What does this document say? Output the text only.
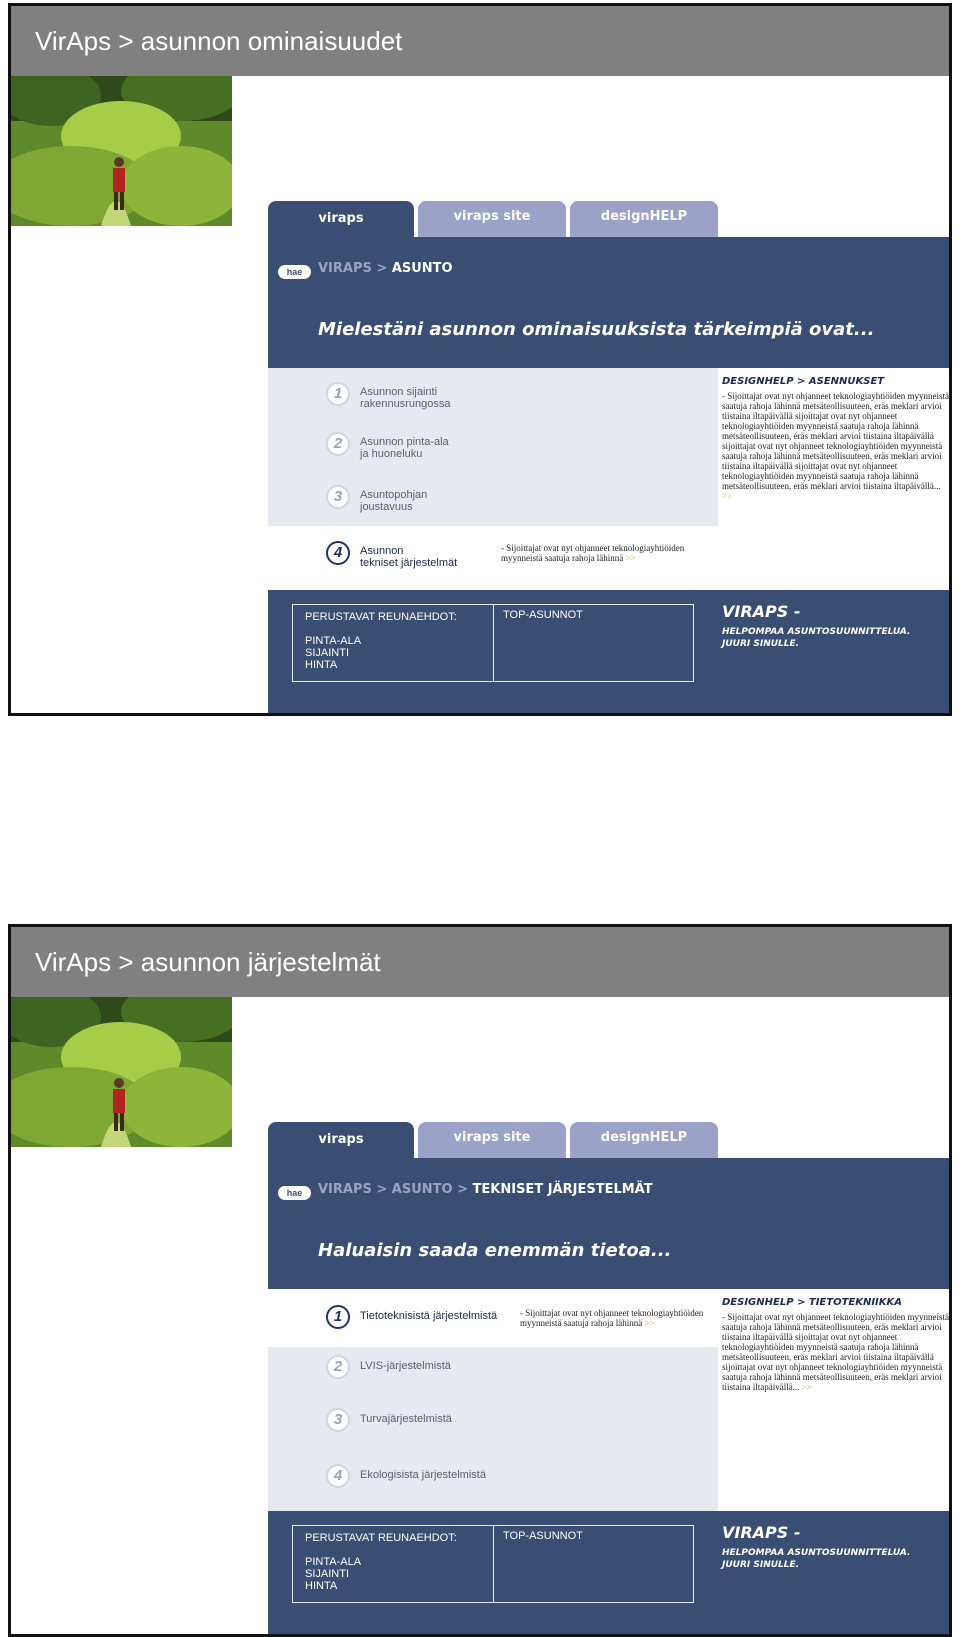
VirAps > asunnon ominaisuudet
viraps	viraps site	designHELP
hae	VIRAPS > ASUNTO
Mielestäni asunnon ominaisuuksista tärkeimpiä ovat...
1	Asunnon sijainti
rakennusrungossa
2	Asunnon pinta-ala
ja huoneluku
3	Asuntopohjan
joustavuus
4	Asunnon
tekniset järjestelmät
- Sijoittajat ovat nyt ohjanneet teknologiayhtiöiden myynneistä saatuja rahoja lähinnä >>
DESIGNHELP > ASENNUKSET
- Sijoittajat ovat nyt ohjanneet teknologiayhtiöiden myynneistä saatuja rahoja lähinnä metsäteollisuuteen, eräs meklari arvioi tiistaina iltapäivällä sijoittajat ovat nyt ohjanneet teknologiayhtiöiden myynneistä saatuja rahoja lähinnä metsäteollisuuteen, eräs meklari arvioi tiistaina iltapäivällä sijoittajat ovat nyt ohjanneet teknologiayhtiöiden myynneistä saatuja rahoja lähinnä metsäteollisuuteen, eräs meklari arvioi tiistaina iltapäivällä sijoittajat ovat nyt ohjanneet teknologiayhtiöiden myynneistä saatuja rahoja lähinnä metsäteollisuuteen, eräs meklari arvioi tiistaina iltapäivällä... >>
PERUSTAVAT REUNAEHDOT:
PINTA-ALA
SIJAINTI
HINTA
TOP-ASUNNOT	VIRAPS -
HELPOMPAA ASUNTOSUUNNITTELUA.
JUURI SINULLE.
VirAps > asunnon järjestelmät
viraps	viraps site	designHELP
hae	VIRAPS > ASUNTO > TEKNISET JÄRJESTELMÄT
Haluaisin saada enemmän tietoa...
1	Tietoteknisistä järjestelmistä	- Sijoittajat ovat nyt ohjanneet teknologiayhtiöiden myynneistä saatuja rahoja lähinnä >>
2	LVIS-järjestelmistä
3	Turvajärjestelmistä
4	Ekologisista järjestelmistä
DESIGNHELP > TIETOTEKNIIKKA
- Sijoittajat ovat nyt ohjanneet teknologiayhtiöiden myynneistä saatuja rahoja lähinnä metsäteollisuuteen, eräs meklari arvioi tiistaina iltapäivällä sijoittajat ovat nyt ohjanneet teknologiayhtiöiden myynneistä saatuja rahoja lähinnä metsäteollisuuteen, eräs meklari arvioi tiistaina iltapäivällä sijoittajat ovat nyt ohjanneet teknologiayhtiöiden myynneistä saatuja rahoja lähinnä metsäteollisuuteen, eräs meklari arvioi tiistaina iltapäivällä... >>
PERUSTAVAT REUNAEHDOT:
PINTA-ALA
SIJAINTI
HINTA
TOP-ASUNNOT	VIRAPS -
HELPOMPAA ASUNTOSUUNNITTELUA.
JUURI SINULLE.
